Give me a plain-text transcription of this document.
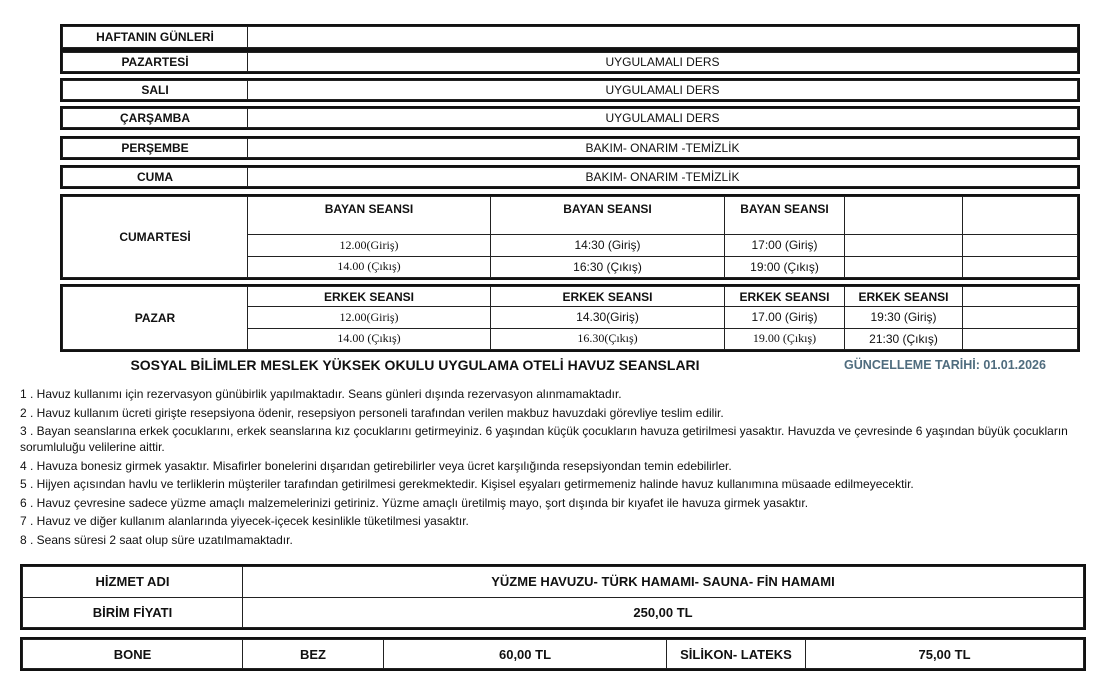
HAFTANIN GÜNLERİ	
PAZARTESİ	UYGULAMALI DERS
SALI	UYGULAMALI DERS
ÇARŞAMBA	UYGULAMALI DERS
PERŞEMBE	BAKIM- ONARIM -TEMİZLİK
CUMA	BAKIM- ONARIM -TEMİZLİK
CUMARTESİ	BAYAN SEANSI	BAYAN SEANSI	BAYAN SEANSI		
	12.00(Giriş)	14:30 (Giriş)	17:00 (Giriş)		
	14.00 (Çıkış)	16:30 (Çıkış)	19:00 (Çıkış)		
PAZAR	ERKEK SEANSI	ERKEK SEANSI	ERKEK SEANSI	ERKEK SEANSI	
	12.00(Giriş)	14.30(Giriş)	17.00 (Giriş)	19:30 (Giriş)	
	14.00 (Çıkış)	16.30(Çıkış)	19.00 (Çıkış)	21:30 (Çıkış)	
SOSYAL BİLİMLER MESLEK YÜKSEK OKULU UYGULAMA OTELİ HAVUZ SEANSLARI	GÜNCELLEME TARİHİ: 01.01.2026
1 . Havuz kullanımı için rezervasyon günübirlik yapılmaktadır. Seans günleri dışında rezervasyon alınmamaktadır.
2 . Havuz kullanım ücreti girişte resepsiyona ödenir, resepsiyon personeli tarafından verilen makbuz havuzdaki görevliye teslim edilir.
3 . Bayan seanslarına erkek çocuklarını, erkek seanslarına kız çocuklarını getirmeyiniz. 6 yaşından küçük çocukların havuza getirilmesi yasaktır. Havuzda ve çevresinde 6 yaşından büyük çocukların sorumluluğu velilerine aittir.
4 . Havuza bonesiz girmek yasaktır. Misafirler bonelerini dışarıdan getirebilirler veya ücret karşılığında resepsiyondan temin edebilirler.
5 . Hijyen açısından havlu ve terliklerin müşteriler tarafından getirilmesi gerekmektedir. Kişisel eşyaları getirmemeniz halinde havuz kullanımına müsaade edilmeyecektir.
6 . Havuz çevresine sadece yüzme amaçlı malzemelerinizi getiriniz. Yüzme amaçlı üretilmiş mayo, şort dışında bir kıyafet ile havuza girmek yasaktır.
7 . Havuz ve diğer kullanım alanlarında yiyecek-içecek kesinlikle tüketilmesi yasaktır.
8 . Seans süresi 2 saat olup süre uzatılmamaktadır.
HİZMET ADI	YÜZME HAVUZU- TÜRK HAMAMI- SAUNA- FİN HAMAMI
BİRİM FİYATI	250,00 TL
BONE	BEZ	60,00 TL	SİLİKON- LATEKS	75,00 TL
